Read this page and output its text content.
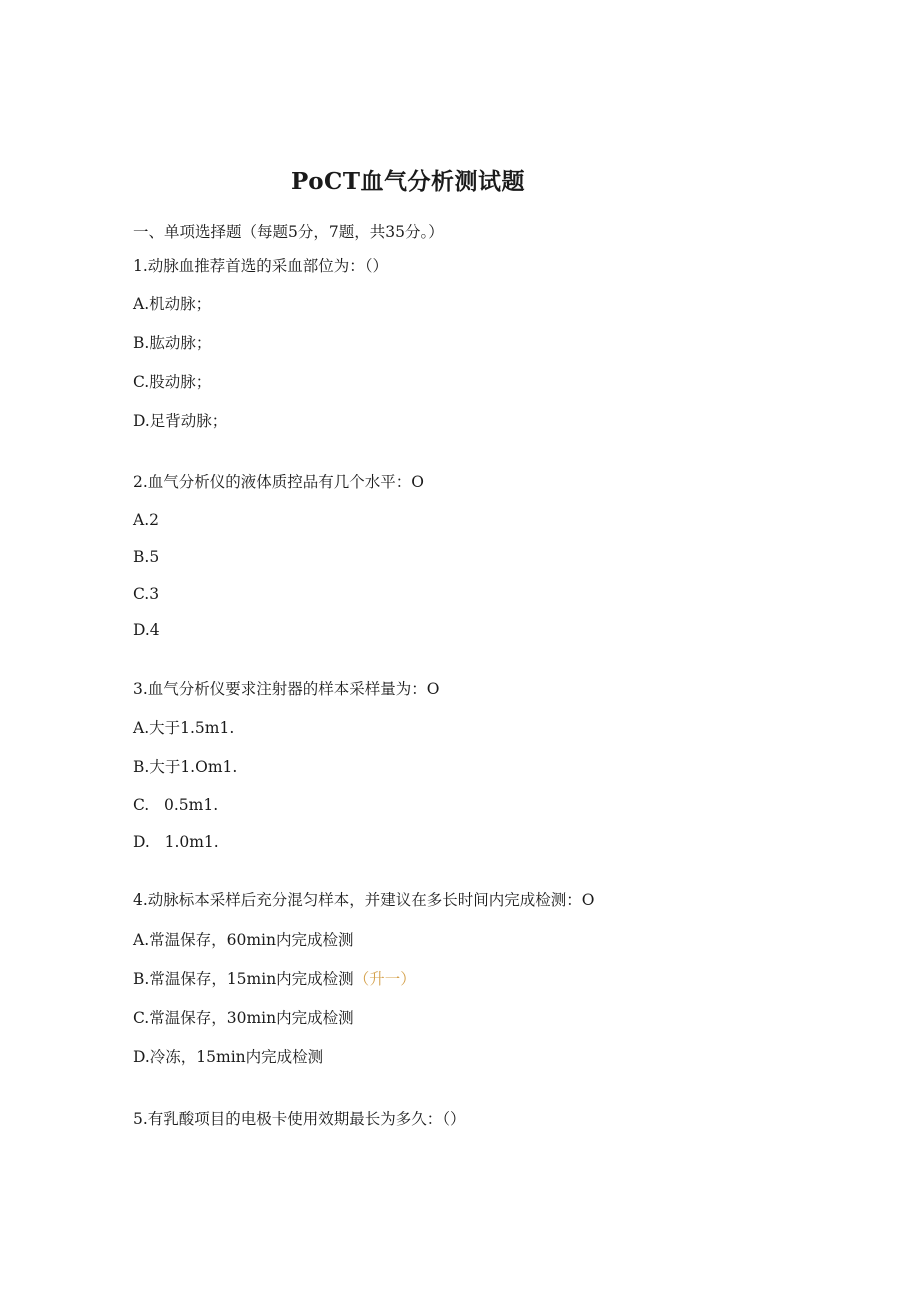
PoCT血气分析测试题
一、单项选择题（每题5分，7题，共35分。）
1.动脉血推荐首选的采血部位为：（）
A.机动脉；
B.肱动脉；
C.股动脉；
D.足背动脉；
2.血气分析仪的液体质控品有几个水平：O
A.2
B.5
C.3
D.4
3.血气分析仪要求注射器的样本采样量为：O
A.大于1.5m1.
B.大于1.Om1.
C.   0.5m1.
D.   1.0m1.
4.动脉标本采样后充分混匀样本，并建议在多长时间内完成检测：O
A.常温保存，60min内完成检测
B.常温保存，15min内完成检测（升一）
C.常温保存，30min内完成检测
D.冷冻，15min内完成检测
5.有乳酸项目的电极卡使用效期最长为多久：（）
